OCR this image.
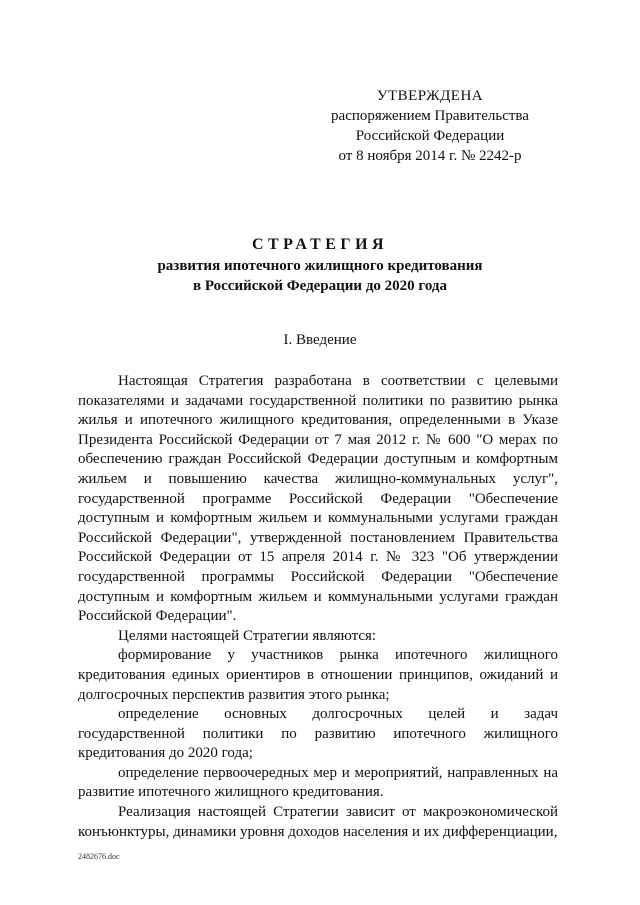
УТВЕРЖДЕНА
распоряжением Правительства
Российской Федерации
от 8 ноября 2014 г. № 2242-р
СТРАТЕГИЯ
развития ипотечного жилищного кредитования
в Российской Федерации до 2020 года
I. Введение

Настоящая Стратегия разработана в соответствии с целевыми показателями и задачами государственной политики по развитию рынка жилья и ипотечного жилищного кредитования, определенными в Указе Президента Российской Федерации от 7 мая 2012 г. № 600 "О мерах по обеспечению граждан Российской Федерации доступным и комфортным жильем и повышению качества жилищно-коммунальных услуг", государственной программе Российской Федерации "Обеспечение доступным и комфортным жильем и коммунальными услугами граждан Российской Федерации", утвержденной постановлением Правительства Российской Федерации от 15 апреля 2014 г. № 323 "Об утверждении государственной программы Российской Федерации "Обеспечение доступным и комфортным жильем и коммунальными услугами граждан Российской Федерации".

Целями настоящей Стратегии являются:

формирование у участников рынка ипотечного жилищного кредитования единых ориентиров в отношении принципов, ожиданий и долгосрочных перспектив развития этого рынка;

определение основных долгосрочных целей и задач государственной политики по развитию ипотечного жилищного кредитования до 2020 года;

определение первоочередных мер и мероприятий, направленных на развитие ипотечного жилищного кредитования.

Реализация настоящей Стратегии зависит от макроэкономической конъюнктуры, динамики уровня доходов населения и их дифференциации,

2482676.doc
